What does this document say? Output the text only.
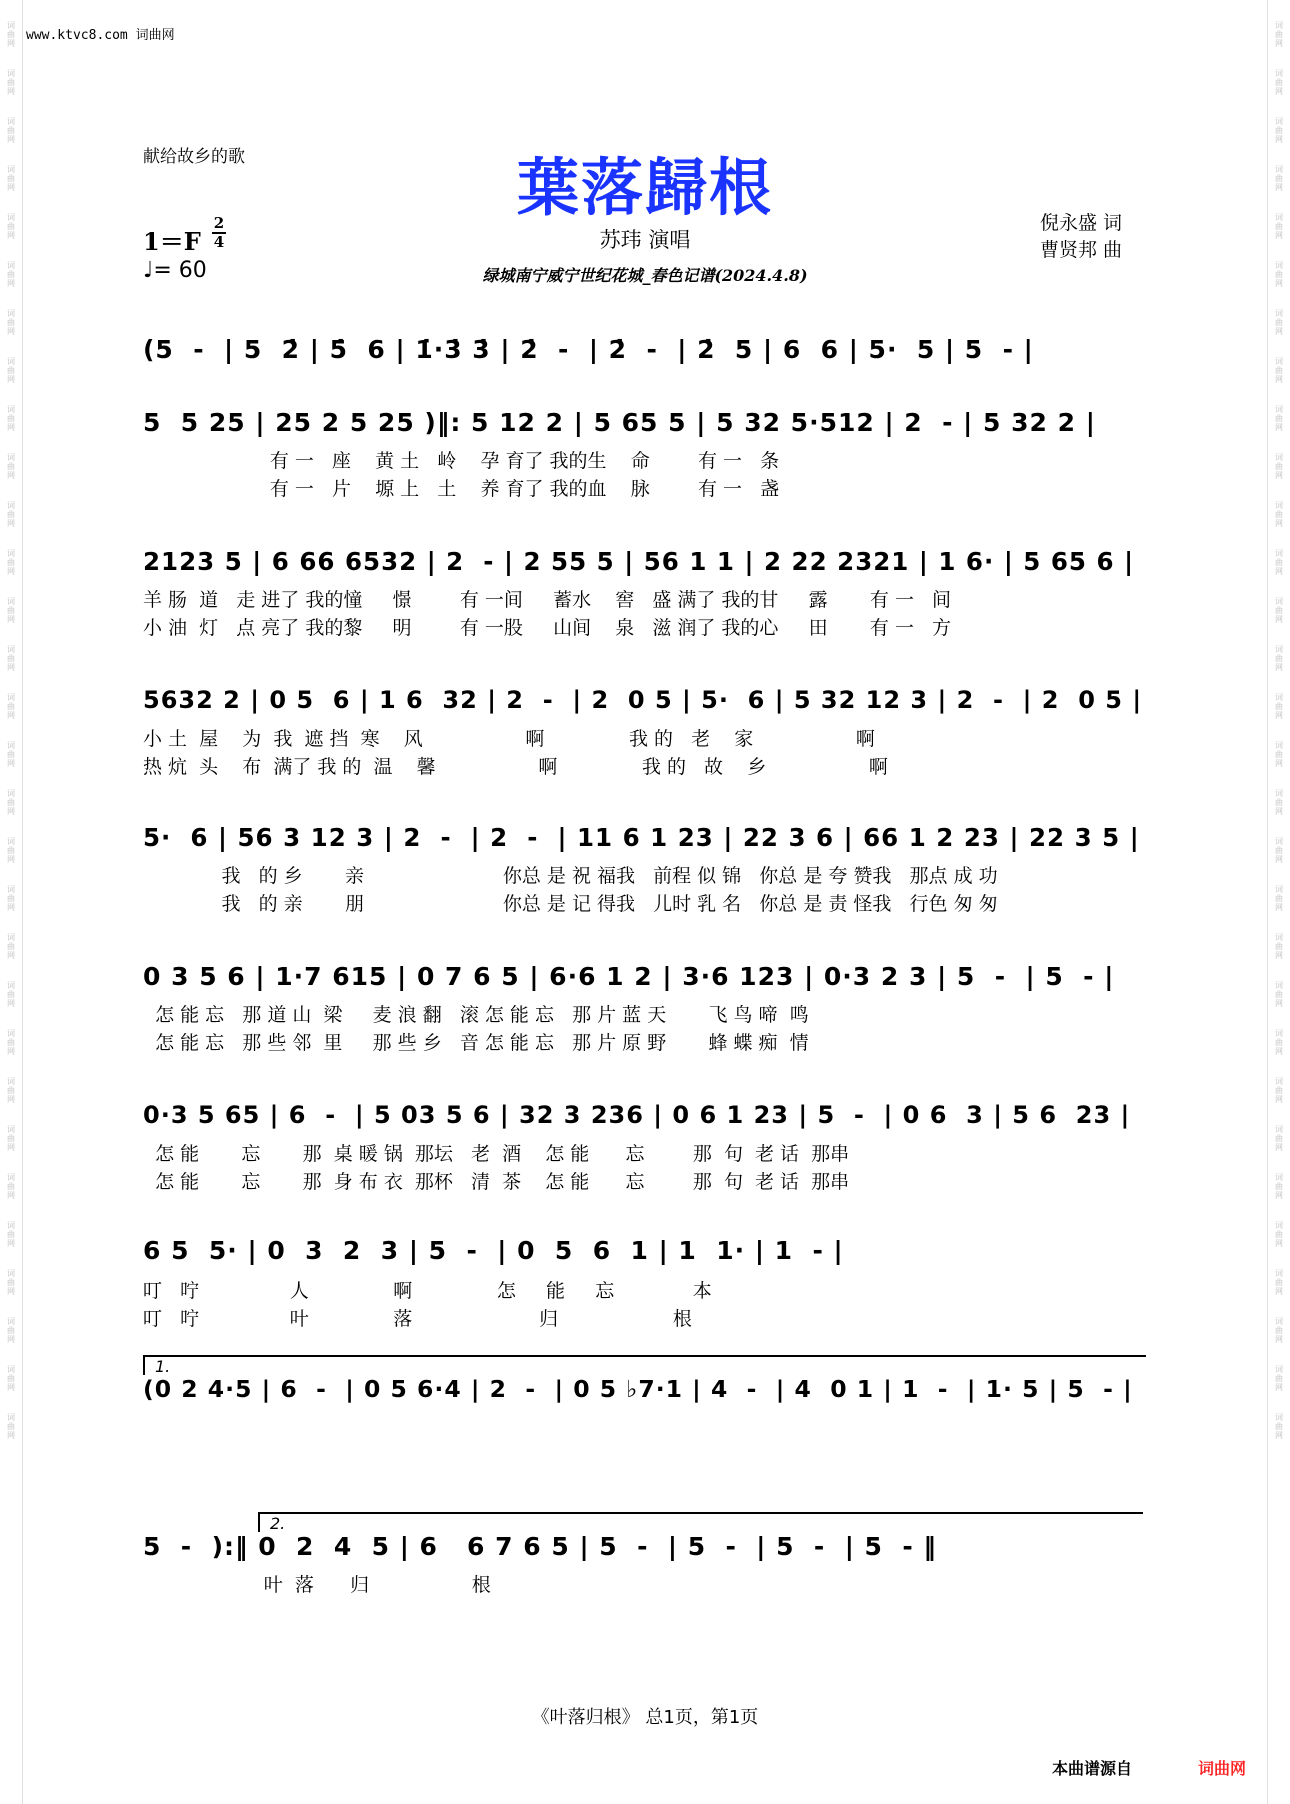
词
曲
网
词
曲
网
词
曲
网
词
曲
网
词
曲
网
词
曲
网
词
曲
网
词
曲
网
词
曲
网
词
曲
网
词
曲
网
词
曲
网
词
曲
网
词
曲
网
词
曲
网
词
曲
网
词
曲
网
词
曲
网
词
曲
网
词
曲
网
词
曲
网
词
曲
网
词
曲
网
词
曲
网
词
曲
网
词
曲
网
词
曲
网
词
曲
网
词
曲
网
词
曲
网
词
曲
网
词
曲
网
词
曲
网
词
曲
网
词
曲
网
词
曲
网
词
曲
网
词
曲
网
词
曲
网
词
曲
网
词
曲
网
词
曲
网
词
曲
网
词
曲
网
词
曲
网
词
曲
网
词
曲
网
词
曲
网
词
曲
网
词
曲
网
词
曲
网
词
曲
网
词
曲
网
词
曲
网
词
曲
网
词
曲
网
词
曲
网
词
曲
网
词
曲
网
词
曲
网
www.ktvc8.com 词曲网
献给故乡的歌	葉落歸根
1＝F
2
4
♩= 60
苏玮 演唱
绿城南宁威宁世纪花城_春色记谱(2024.4.8)
倪永盛 词
曹贤邦 曲
(5  -  | 5  2̇ | 5̇  6 | 1̇·3̇ 3̇ | 2̇  -  | 2̇  -  | 2̇  5 | 6  6 | 5·  5 | 5  - |
5  5 25 | 25 2 5 25 )‖: 5 12 2 | 5 65 5 | 5 32 5·512 | 2  - | 5 32 2 |
有 一   座    黄 土   岭    孕 育了 我的生    命        有 一   条
有 一   片    塬 上   土    养 育了 我的血    脉        有 一   盏
2123 5 | 6 66 6532 | 2  - | 2 55 5 | 56 1 1 | 2 22 2321 | 1 6· | 5 65 6 |
羊 肠  道   走 进了 我的憧     憬        有 一间     蓄水    窖   盛 满了 我的甘     露       有 一   间
小 油  灯   点 亮了 我的黎     明        有 一股     山间    泉   滋 润了 我的心     田       有 一   方
5632 2 | 0 5  6 | 1 6  32 | 2  -  | 2  0 5 | 5·  6 | 5 32 12 3 | 2  -  | 2  0 5 |
小 土  屋    为  我  遮 挡  寒    风                 啊              我 的   老    家                 啊
热 炕  头    布  满了 我 的  温    馨                 啊              我 的   故    乡                 啊
5·  6 | 56 3 12 3 | 2  -  | 2  -  | 11 6 1 23 | 22 3 6 | 66 1 2 23 | 22 3 5 |
我   的 乡       亲                       你总 是 祝 福我   前程 似 锦   你总 是 夸 赞我   那点 成 功
我   的 亲       朋                       你总 是 记 得我   儿时 乳 名   你总 是 责 怪我   行色 匆 匆
0 3 5 6 | 1·7 615 | 0 7 6 5 | 6·6 1 2 | 3·6 123 | 0·3 2 3 | 5  -  | 5  - |
怎 能 忘   那 道 山  梁     麦 浪 翻   滚 怎 能 忘   那 片 蓝 天       飞 鸟 啼  鸣
怎 能 忘   那 些 邻  里     那 些 乡   音 怎 能 忘   那 片 原 野       蜂 蝶 痴  情
0·3 5 65 | 6  -  | 5 03 5 6 | 32 3 236 | 0 6 1 23 | 5  -  | 0 6  3 | 5 6  23 |
怎 能       忘       那  桌 暖 锅  那坛   老  酒    怎 能      忘        那  句  老 话  那串
怎 能       忘       那  身 布 衣  那杯   清  茶    怎 能      忘        那  句  老 话  那串
6 5  5· | 0  3  2  3 | 5  -  | 0  5  6  1 | 1  1· | 1  - |
叮   咛               人              啊              怎     能     忘             本
叮   咛               叶              落                     归                   根
1.
(0 2 4·5 | 6  -  | 0 5 6·4 | 2  -  | 0 5 ♭7·1 | 4  -  | 4  0 1 | 1  -  | 1· 5 | 5  - |
2.
5  -  ):‖ 0  2  4  5 | 6   6 7 6 5 | 5  -  | 5  -  | 5  -  | 5  - ‖
叶  落      归                 根
《叶落归根》 总1页，第1页
本曲谱源自	词曲网
